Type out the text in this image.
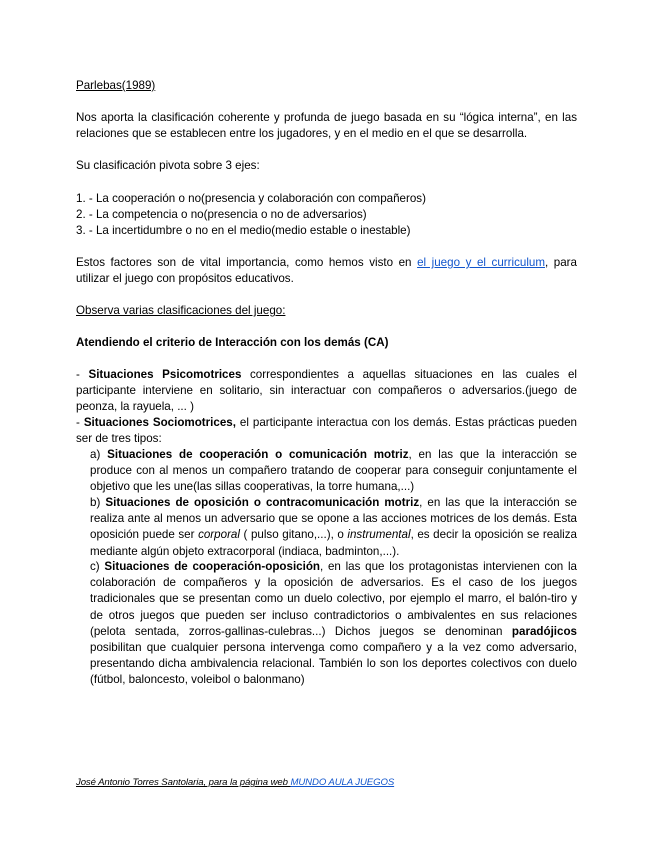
Parlebas(1989)
Nos aporta la clasificación coherente y profunda de juego basada en su “lógica interna”, en las relaciones que se establecen entre los jugadores, y en el medio en el que se desarrolla.
Su clasificación pivota sobre 3 ejes:
1. - La cooperación o no(presencia y colaboración con compañeros)
2. - La competencia o no(presencia o no de adversarios)
3. - La incertidumbre o no en el medio(medio estable o inestable)
Estos factores son de vital importancia, como hemos visto en el juego y el curriculum, para utilizar el juego con propósitos educativos.
Observa varias clasificaciones del juego:
Atendiendo el criterio de Interacción con los demás (CA)
- Situaciones Psicomotrices correspondientes a aquellas situaciones en las cuales el participante interviene en solitario, sin interactuar con compañeros o adversarios.(juego de peonza, la rayuela, ... )
- Situaciones Sociomotrices, el participante interactua con los demás. Estas prácticas pueden ser de tres tipos:
a) Situaciones de cooperación o comunicación motriz, en las que la interacción se produce con al menos un compañero tratando de cooperar para conseguir conjuntamente el objetivo que les une(las sillas cooperativas, la torre humana,...)
b) Situaciones de oposición o contracomunicación motriz, en las que la interacción se realiza ante al menos un adversario que se opone a las acciones motrices de los demás. Esta oposición puede ser corporal ( pulso gitano,...), o instrumental, es decir la oposición se realiza mediante algún objeto extracorporal (indiaca, badminton,...).
c) Situaciones de cooperación-oposición, en las que los protagonistas intervienen con la colaboración de compañeros y la oposición de adversarios. Es el caso de los juegos tradicionales que se presentan como un duelo colectivo, por ejemplo el marro, el balón-tiro y de otros juegos que pueden ser incluso contradictorios o ambivalentes en sus relaciones (pelota sentada, zorros-gallinas-culebras...) Dichos juegos se denominan paradójicos posibilitan que cualquier persona intervenga como compañero y a la vez como adversario, presentando dicha ambivalencia relacional. También lo son los deportes colectivos con duelo (fútbol, baloncesto, voleibol o balonmano)
José Antonio Torres Santolaria, para la página web MUNDO AULA JUEGOS
